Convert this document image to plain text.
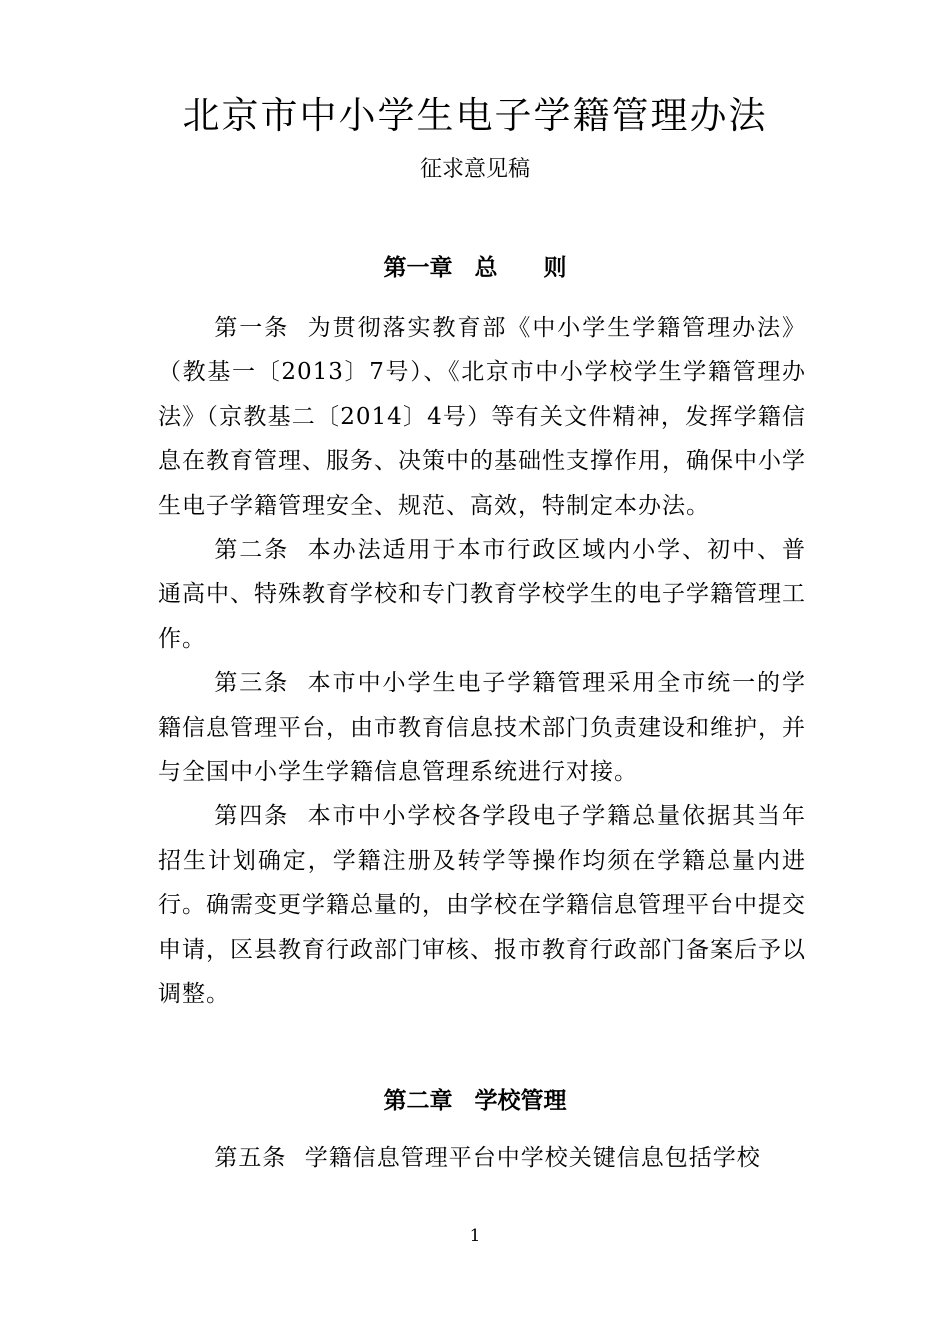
北京市中小学生电子学籍管理办法
征求意见稿
第一章 总 则

第一条 为贯彻落实教育部《中小学生学籍管理办法》（教基一〔2013〕7号）、《北京市中小学校学生学籍管理办法》（京教基二〔2014〕4号）等有关文件精神，发挥学籍信息在教育管理、服务、决策中的基础性支撑作用，确保中小学生电子学籍管理安全、规范、高效，特制定本办法。

第二条 本办法适用于本市行政区域内小学、初中、普通高中、特殊教育学校和专门教育学校学生的电子学籍管理工作。

第三条 本市中小学生电子学籍管理采用全市统一的学籍信息管理平台，由市教育信息技术部门负责建设和维护，并与全国中小学生学籍信息管理系统进行对接。

第四条 本市中小学校各学段电子学籍总量依据其当年招生计划确定，学籍注册及转学等操作均须在学籍总量内进行。确需变更学籍总量的，由学校在学籍信息管理平台中提交申请，区县教育行政部门审核、报市教育行政部门备案后予以调整。

第二章 学校管理

第五条 学籍信息管理平台中学校关键信息包括学校

1
